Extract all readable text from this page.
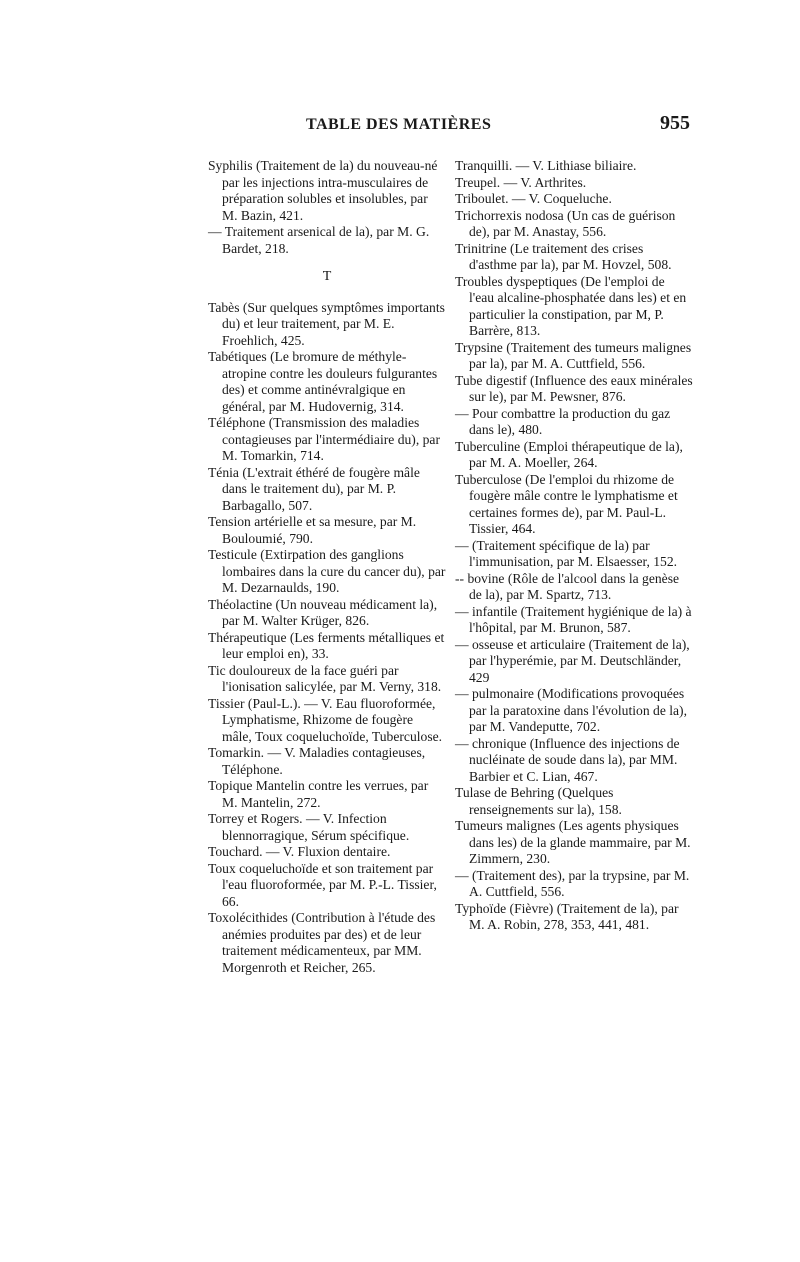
TABLE DES MATIÈRES	955

Syphilis (Traitement de la) du nouveau-né par les injections intra-musculaires de préparation solubles et insolubles, par M. Bazin, 421.

— Traitement arsenical de la), par M. G. Bardet, 218.

T

Tabès (Sur quelques symptômes importants du) et leur traitement, par M. E. Froehlich, 425.

Tabétiques (Le bromure de méthyle-atropine contre les douleurs fulgurantes des) et comme antinévralgique en général, par M. Hudovernig, 314.

Téléphone (Transmission des maladies contagieuses par l'intermédiaire du), par M. Tomarkin, 714.

Ténia (L'extrait éthéré de fougère mâle dans le traitement du), par M. P. Barbagallo, 507.

Tension artérielle et sa mesure, par M. Bouloumié, 790.

Testicule (Extirpation des ganglions lombaires dans la cure du cancer du), par M. Dezarnaulds, 190.

Théolactine (Un nouveau médicament la), par M. Walter Krüger, 826.

Thérapeutique (Les ferments métalliques et leur emploi en), 33.

Tic douloureux de la face guéri par l'ionisation salicylée, par M. Verny, 318.

Tissier (Paul-L.). — V. Eau fluoroformée, Lymphatisme, Rhizome de fougère mâle, Toux coqueluchoïde, Tuberculose.

Tomarkin. — V. Maladies contagieuses, Téléphone.

Topique Mantelin contre les verrues, par M. Mantelin, 272.

Torrey et Rogers. — V. Infection blennorragique, Sérum spécifique.

Touchard. — V. Fluxion dentaire.

Toux coqueluchoïde et son traitement par l'eau fluoroformée, par M. P.-L. Tissier, 66.

Toxolécithides (Contribution à l'étude des anémies produites par des) et de leur traitement médicamenteux, par MM. Morgenroth et Reicher, 265.

Tranquilli. — V. Lithiase biliaire.

Treupel. — V. Arthrites.

Triboulet. — V. Coqueluche.

Trichorrexis nodosa (Un cas de guérison de), par M. Anastay, 556.

Trinitrine (Le traitement des crises d'asthme par la), par M. Hovzel, 508.

Troubles dyspeptiques (De l'emploi de l'eau alcaline-phosphatée dans les) et en particulier la constipation, par M, P. Barrère, 813.

Trypsine (Traitement des tumeurs malignes par la), par M. A. Cuttfield, 556.

Tube digestif (Influence des eaux minérales sur le), par M. Pewsner, 876.

— Pour combattre la production du gaz dans le), 480.

Tuberculine (Emploi thérapeutique de la), par M. A. Moeller, 264.

Tuberculose (De l'emploi du rhizome de fougère mâle contre le lymphatisme et certaines formes de), par M. Paul-L. Tissier, 464.

— (Traitement spécifique de la) par l'immunisation, par M. Elsaesser, 152.

-- bovine (Rôle de l'alcool dans la genèse de la), par M. Spartz, 713.

— infantile (Traitement hygiénique de la) à l'hôpital, par M. Brunon, 587.

— osseuse et articulaire (Traitement de la), par l'hyperémie, par M. Deutschländer, 429

— pulmonaire (Modifications provoquées par la paratoxine dans l'évolution de la), par M. Vandeputte, 702.

— chronique (Influence des injections de nucléinate de soude dans la), par MM. Barbier et C. Lian, 467.

Tulase de Behring (Quelques renseignements sur la), 158.

Tumeurs malignes (Les agents physiques dans les) de la glande mammaire, par M. Zimmern, 230.

— (Traitement des), par la trypsine, par M. A. Cuttfield, 556.

Typhoïde (Fièvre) (Traitement de la), par M. A. Robin, 278, 353, 441, 481.
